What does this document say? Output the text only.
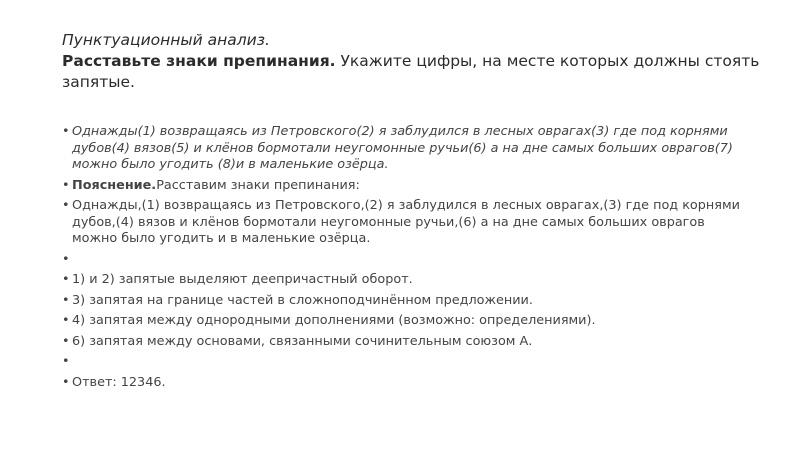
Пунктуационный анализ.
Расставьте знаки препинания. Укажите цифры, на месте которых должны стоять запятые.
• Однажды(1) возвращаясь из Петровского(2) я заблудился в лесных оврагах(3) где под корнями дубов(4) вязов(5) и клёнов бормотали неугомонные ручьи(6) а на дне самых больших оврагов(7) можно было угодить (8)и в маленькие озёрца.
• Пояснение.Расставим знаки препинания:
• Однажды,(1) возвращаясь из Петровского,(2) я заблудился в лесных оврагах,(3) где под корнями дубов,(4) вязов и клёнов бормотали неугомонные ручьи,(6) а на дне самых больших оврагов можно было угодить и в маленькие озёрца.
•
• 1) и 2) запятые выделяют деепричастный оборот.
• 3) запятая на границе частей в сложноподчинённом предложении.
• 4) запятая между однородными дополнениями (возможно: определениями).
• 6) запятая между основами, связанными сочинительным союзом А.
•
• Ответ: 12346.
